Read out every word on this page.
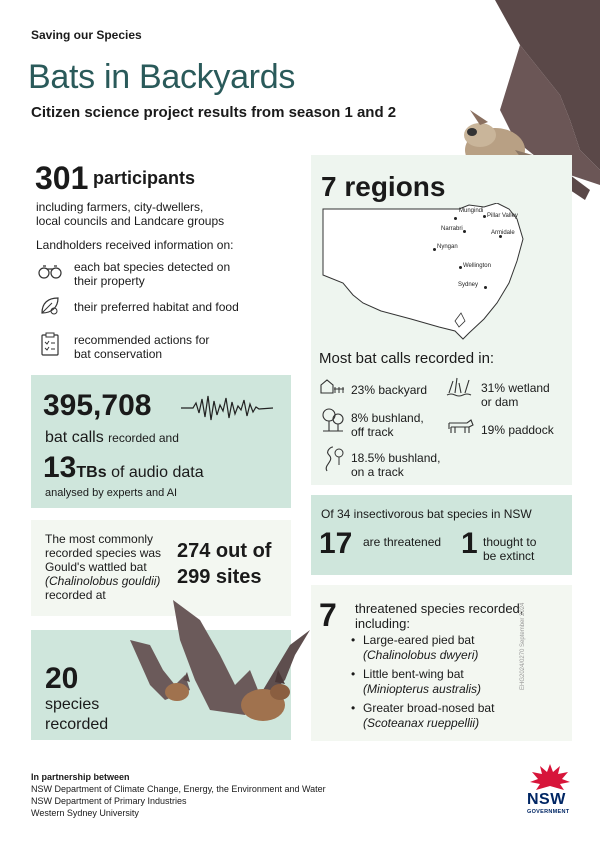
Saving our Species
Bats in Backyards
Citizen science project results from season 1 and 2
301 participants
including farmers, city-dwellers,
local councils and Landcare groups
Landholders received information on:
each bat species detected on
their property
their preferred habitat and food
recommended actions for
bat conservation
395,708
bat calls recorded and
13TBs of audio data
analysed by experts and AI
The most commonly
recorded species was
Gould's wattled bat
(Chalinolobus gouldii)
recorded at
274 out of
299 sites
20
species
recorded
7 regions
Mungindi
Pillar Valley
Narrabri
Armidale
Nyngan
Wellington
Sydney
Most bat calls recorded in:
23% backyard	31% wetland
or dam
8% bushland,
off track	19% paddock
18.5% bushland,
on a track
Of 34 insectivorous bat species in NSW
17 are threatened 1 thought to
be extinct
7 threatened species recorded,
including:
• Large-eared pied bat
(Chalinolobus dwyeri)
• Little bent-wing bat
(Miniopterus australis)
• Greater broad-nosed bat
(Scoteanax rueppellii)
EHG2024/0270 September 2024
In partnership between
NSW Department of Climate Change, Energy, the Environment and Water
NSW Department of Primary Industries
Western Sydney University
NSW
GOVERNMENT
